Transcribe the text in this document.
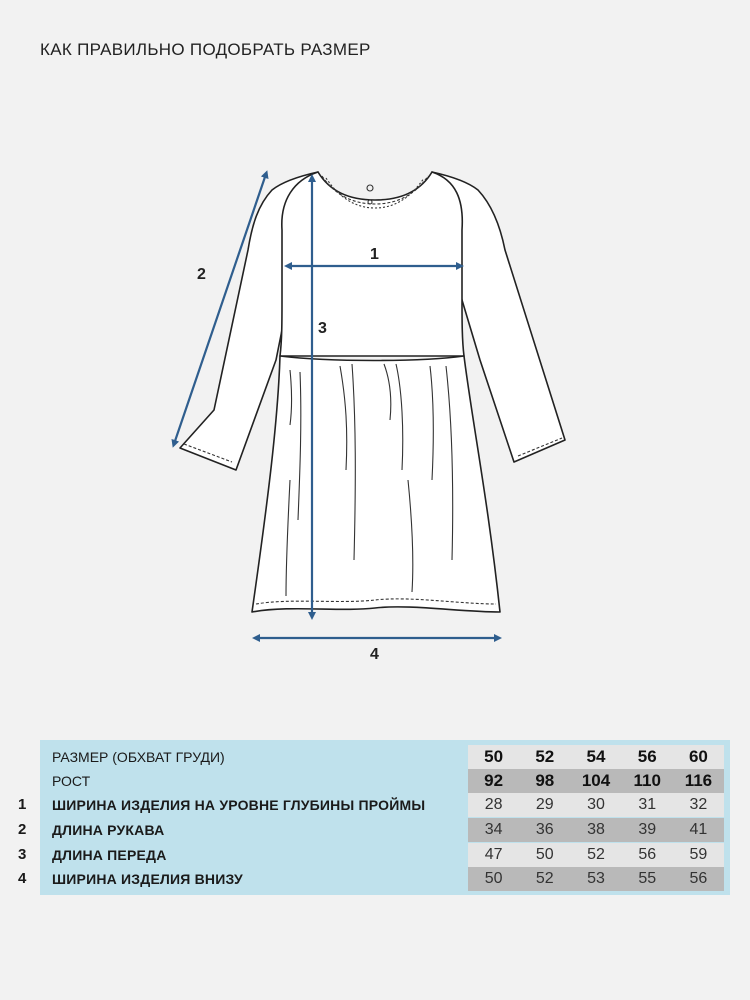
КАК ПРАВИЛЬНО ПОДОБРАТЬ РАЗМЕР
1
2
3
4
РАЗМЕР (ОБХВАТ ГРУДИ)	50	52	54	56	60
РОСТ	92	98	104	110	116
1 ШИРИНА ИЗДЕЛИЯ НА УРОВНЕ ГЛУБИНЫ ПРОЙМЫ	28	29	30	31	32
2 ДЛИНА РУКАВА	34	36	38	39	41
3 ДЛИНА ПЕРЕДА	47	50	52	56	59
4 ШИРИНА ИЗДЕЛИЯ ВНИЗУ	50	52	53	55	56
